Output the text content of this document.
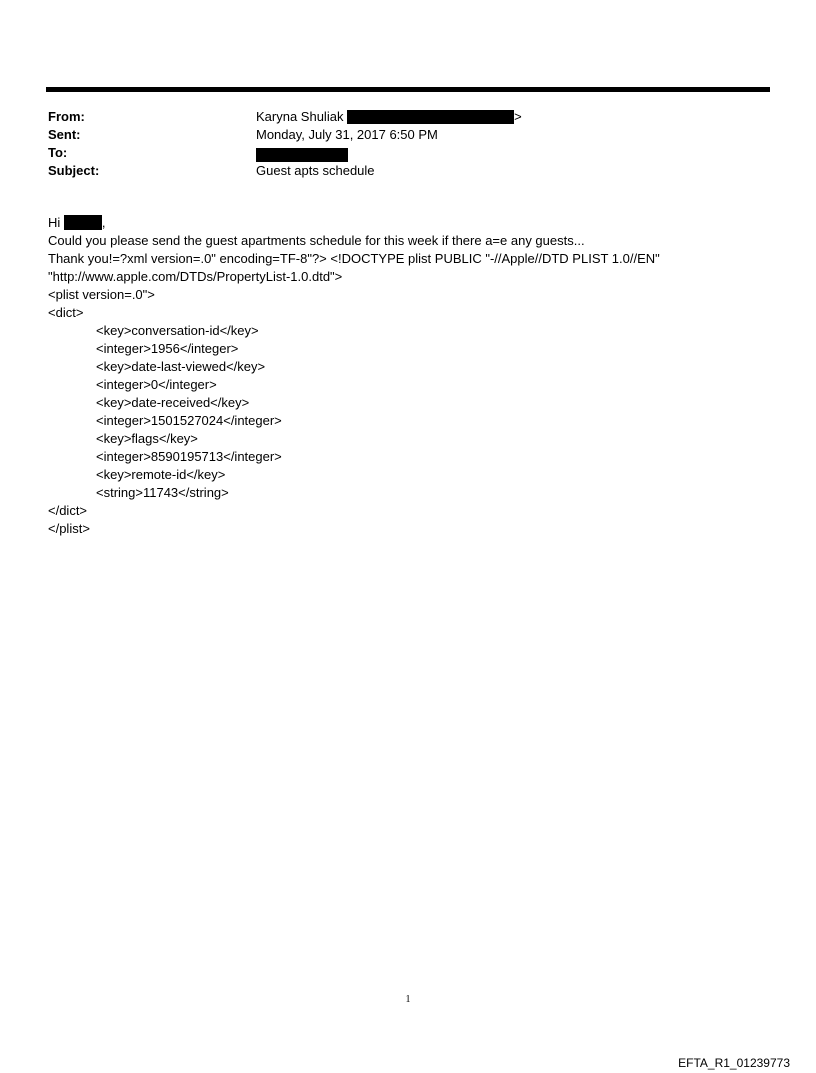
From:	Karyna Shuliak	>
Sent:	Monday, July 31, 2017 6:50 PM
To:
Subject:	Guest apts schedule
Hi	,
Could you please send the guest apartments schedule for this week if there a=e any guests...
Thank you!=?xml version=.0" encoding=TF-8"?> <!DOCTYPE plist PUBLIC "-//Apple//DTD PLIST 1.0//EN"
"http://www.apple.com/DTDs/PropertyList-1.0.dtd">
<plist version=.0">
<dict>
<key>conversation-id</key>
<integer>1956</integer>
<key>date-last-viewed</key>
<integer>0</integer>
<key>date-received</key>
<integer>1501527024</integer>
<key>flags</key>
<integer>8590195713</integer>
<key>remote-id</key>
<string>11743</string>
</dict>
</plist>
1
EFTA_R1_01239773
